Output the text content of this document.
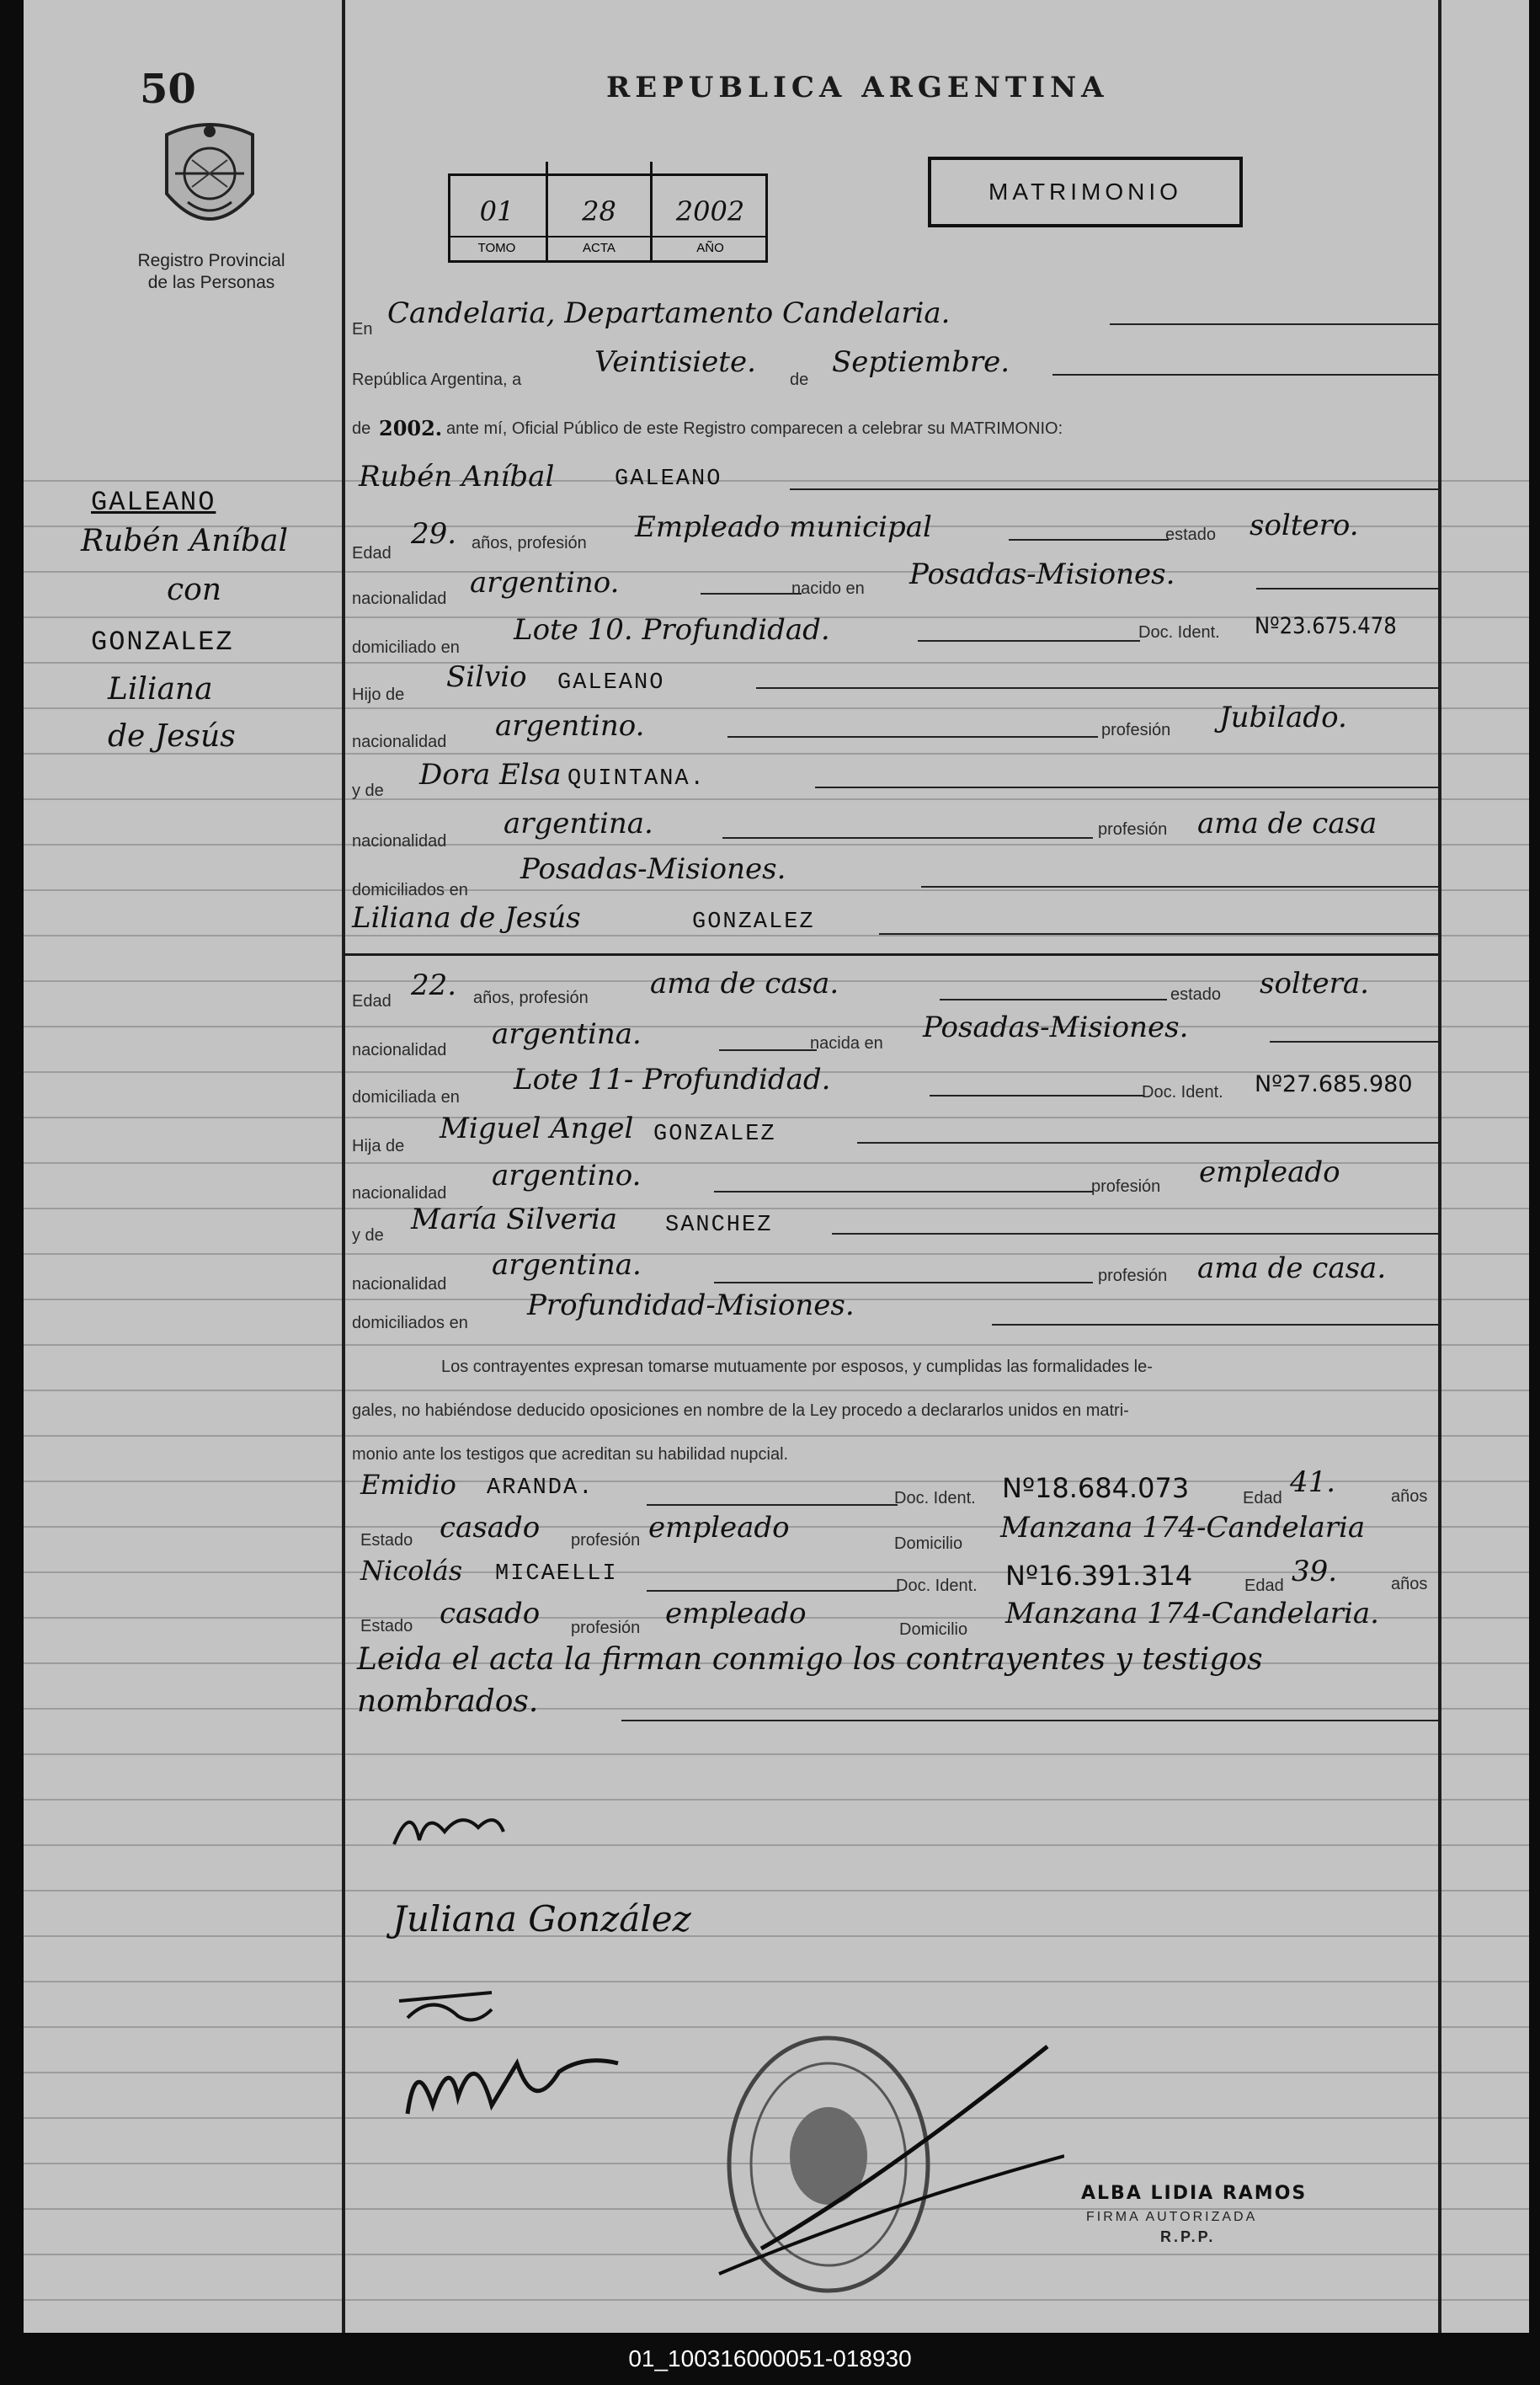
50
Registro Provincial
de las Personas
REPUBLICA ARGENTINA
MATRIMONIO
01	28	2002
TOMO	ACTA	AÑO
GALEANO
Rubén Aníbal
con
GONZALEZ
Liliana
de Jesús
En Candelaria, Departamento Candelaria.
República Argentina, a
Veintisiete.
de
Septiembre.
de 2002. ante mí, Oficial Público de este Registro comparecen a celebrar su MATRIMONIO:
Rubén Aníbal	GALEANO
Edad
29. años, profesión Empleado municipal	estado soltero.
nacionalidad argentino.	nacido en Posadas-Misiones.
domiciliado en
Lote 10. Profundidad.	Doc. Ident. Nº23.675.478
Hijo de
Silvio GALEANO
nacionalidad argentino.	profesión Jubilado.
y de Dora Elsa QUINTANA.
nacionalidad
argentina.	profesión ama de casa
domiciliados en
Posadas-Misiones.
Liliana de Jesús	GONZALEZ
Edad 22. años, profesión ama de casa.	estado soltera.
nacionalidad argentina.	nacida en Posadas-Misiones.
domiciliada en
Lote 11- Profundidad.	Doc. Ident. Nº27.685.980
Hija de
Miguel Angel GONZALEZ
nacionalidad
argentino.	profesión empleado
y de María Silveria SANCHEZ
nacionalidad
argentina.	profesión ama de casa.
domiciliados en
Profundidad-Misiones.
Los contrayentes expresan tomarse mutuamente por esposos, y cumplidas las formalidades le-
gales, no habiéndose deducido oposiciones en nombre de la Ley procedo a declararlos unidos en matri-
monio ante los testigos que acreditan su habilidad nupcial.
Emidio ARANDA.	Doc. Ident. Nº18.684.073	Edad 41.	años
Estado casado profesión empleado	Domicilio Manzana 174-Candelaria
Nicolás MICAELLI	Doc. Ident. Nº16.391.314	Edad 39.	años
Estado casado profesión empleado	Domicilio Manzana 174-Candelaria.
Leida el acta la firman conmigo los contrayentes y testigos
nombrados.
Juliana González
ALBA LIDIA RAMOS
FIRMA AUTORIZADA
R.P.P.
01_100316000051-018930
